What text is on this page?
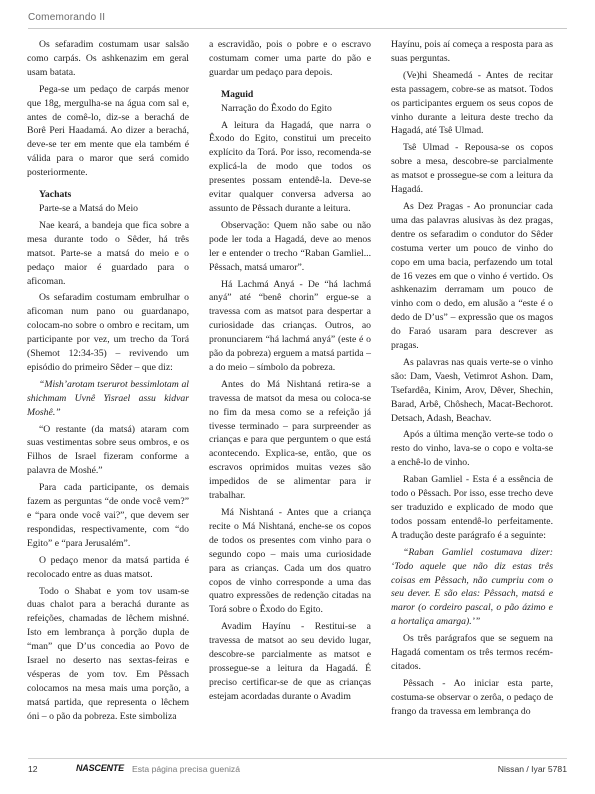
Comemorando II

Os sefaradim costumam usar salsão como carpás. Os ashkenazim em geral usam batata.

Pega-se um pedaço de carpás menor que 18g, mergulha-se na água com sal e, antes de comê-lo, diz-se a berachá de Borê Peri Haadamá. Ao dizer a berachá, deve-se ter em mente que ela também é válida para o maror que será comido posteriormente.

Yachats

Parte-se a Matsá do Meio

Nae keará, a bandeja que fica sobre a mesa durante todo o Sêder, há três matsot. Parte-se a matsá do meio e o pedaço maior é guardado para o aficoman.

Os sefaradim costumam embrulhar o aficoman num pano ou guardanapo, colocam-no sobre o ombro e recitam, um participante por vez, um trecho da Torá (Shemot 12:34-35) – revivendo um episódio do primeiro Sêder – que diz:

“Mish’arotam tserurot bessimlotam al shichmam Uvnê Yisrael assu kidvar Moshê.”

“O restante (da matsá) ataram com suas vestimentas sobre seus ombros, e os Filhos de Israel fizeram conforme a palavra de Moshé.”

Para cada participante, os demais fazem as perguntas “de onde você vem?” e “para onde você vai?”, que devem ser respondidas, respectivamente, com “do Egito” e “para Jerusalém”.

O pedaço menor da matsá partida é recolocado entre as duas matsot.

Todo o Shabat e yom tov usam-se duas chalot para a berachá durante as refeições, chamadas de lêchem mishné. Isto em lembrança à porção dupla de “man” que D’us concedia ao Povo de Israel no deserto nas sextas-feiras e vésperas de yom tov. Em Pêssach colocamos na mesa mais uma porção, a matsá partida, que representa o lêchem óni – o pão da pobreza. Este simboliza

a escravidão, pois o pobre e o escravo costumam comer uma parte do pão e guardar um pedaço para depois.

Maguid

Narração do Êxodo do Egito

A leitura da Hagadá, que narra o Êxodo do Egito, constitui um preceito explícito da Torá. Por isso, recomenda-se explicá-la de modo que todos os presentes possam entendê-la. Deve-se evitar qualquer conversa adversa ao assunto de Pêssach durante a leitura.

Observação: Quem não sabe ou não pode ler toda a Hagadá, deve ao menos ler e entender o trecho “Raban Gamliel... Pêssach, matsá umaror”.

Há Lachmá Anyá - De “há lachmá anyá” até “benê chorin” ergue-se a travessa com as matsot para despertar a curiosidade das crianças. Outros, ao pronunciarem “há lachmá anyá” (este é o pão da pobreza) erguem a matsá partida – a do meio – símbolo da pobreza.

Antes do Má Nishtaná retira-se a travessa de matsot da mesa ou coloca-se no fim da mesa como se a refeição já tivesse terminado – para surpreender as crianças e para que perguntem o que está acontecendo. Explica-se, então, que os escravos oprimidos muitas vezes são impedidos de se alimentar para ir trabalhar.

Má Nishtaná - Antes que a criança recite o Má Nishtaná, enche-se os copos de todos os presentes com vinho para o segundo copo – mais uma curiosidade para as crianças. Cada um dos quatro copos de vinho corresponde a uma das quatro expressões de redenção citadas na Torá sobre o Êxodo do Egito.

Avadim Hayínu - Restitui-se a travessa de matsot ao seu devido lugar, descobre-se parcialmente as matsot e prossegue-se a leitura da Hagadá. É preciso certificar-se de que as crianças estejam acordadas durante o Avadim

Hayínu, pois aí começa a resposta para as suas perguntas.

(Ve)hi Sheamedá - Antes de recitar esta passagem, cobre-se as matsot. Todos os participantes erguem os seus copos de vinho durante a leitura deste trecho da Hagadá, até Tsê Ulmad.

Tsê Ulmad - Repousa-se os copos sobre a mesa, descobre-se parcialmente as matsot e prossegue-se com a leitura da Hagadá.

As Dez Pragas - Ao pronunciar cada uma das palavras alusivas às dez pragas, dentre os sefaradim o condutor do Sêder costuma verter um pouco de vinho do copo em uma bacia, perfazendo um total de 16 vezes em que o vinho é vertido. Os ashkenazim derramam um pouco de vinho com o dedo, em alusão a “este é o dedo de D’us” – expressão que os magos do Faraó usaram para descrever as pragas.

As palavras nas quais verte-se o vinho são: Dam, Vaesh, Vetimrot Ashon. Dam, Tsefardêa, Kinim, Arov, Dêver, Shechin, Barad, Arbê, Chôshech, Macat-Bechorot. Detsach, Adash, Beachav.

Após a última menção verte-se todo o resto do vinho, lava-se o copo e volta-se a enchê-lo de vinho.

Raban Gamliel - Esta é a essência de todo o Pêssach. Por isso, esse trecho deve ser traduzido e explicado de modo que todos possam entendê-lo perfeitamente. A tradução deste parágrafo é a seguinte:

“Raban Gamliel costumava dizer: ‘Todo aquele que não diz estas três coisas em Pêssach, não cumpriu com o seu dever. E são elas: Pêssach, matsá e maror (o cordeiro pascal, o pão ázimo e a hortaliça amarga).’”

Os três parágrafos que se seguem na Hagadá comentam os três termos recém-citados.

Pêssach - Ao iniciar esta parte, costuma-se observar o zerôa, o pedaço de frango da travessa em lembrança do

12	NASCENTE Esta página precisa guenizá	Nissan / Iyar 5781
